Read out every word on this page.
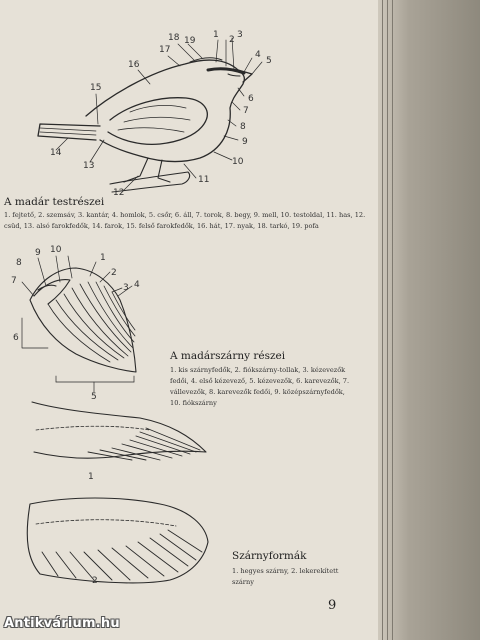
1 2 3
4
5
6
7
8
9
10
11
12
13
14
15
16
17
18 19
A madár testrészei
1. fejtető, 2. szemsáv, 3. kantár, 4. homlok, 5. csőr, 6. áll, 7. torok, 8. begy, 9. mell, 10. testoldal, 11. has, 12.
csüd, 13. alsó farokfedők, 14. farok, 15. felső farokfedők, 16. hát, 17. nyak, 18. tarkó, 19. pofa
1
2
3 4
5
6
7
8
9 10
A madárszárny részei
1. kis szárnyfedők, 2. fiókszárny-tollak, 3. kézevezők
fedői, 4. első kézevező, 5. kézevezők, 6. karevezők, 7.
vállevezők, 8. karevezők fedői, 9. középszárnyfedők,
10. fiókszárny
1
2
Szárnyformák
1. hegyes szárny, 2. lekerekített
szárny
9
Antikvárium.hu
